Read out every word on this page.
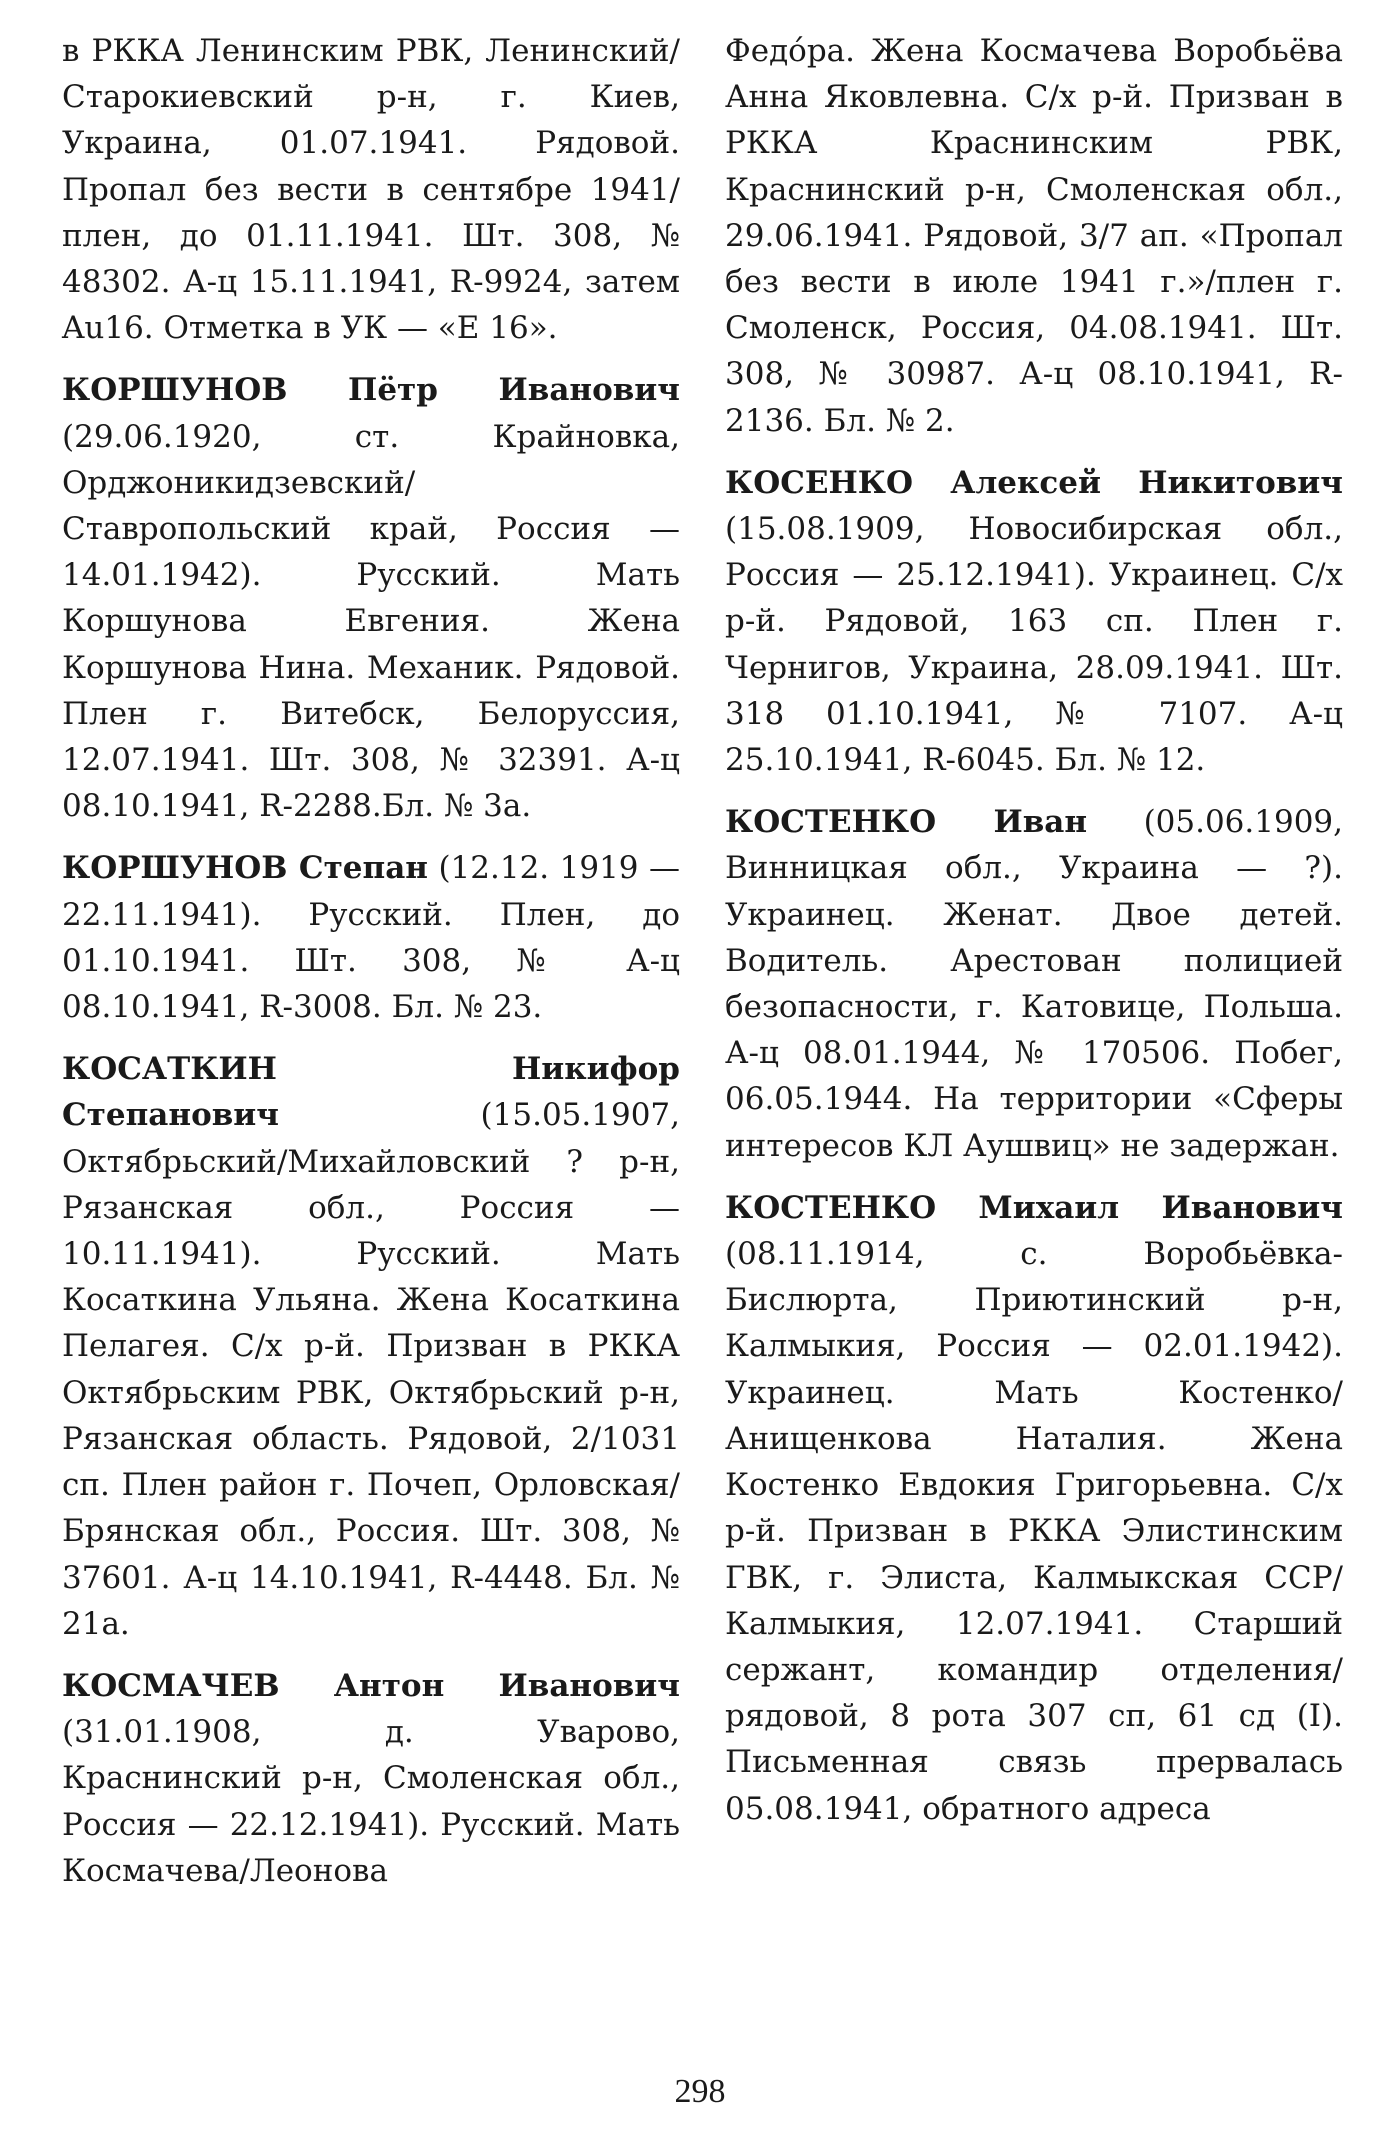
в РККА Ленинским РВК, Ленинский/Старокиевский р-н, г. Киев, Украина, 01.07.1941. Рядовой. Пропал без вести в сентябре 1941/плен, до 01.11.1941. Шт. 308, № 48302. А-ц 15.11.1941, R-9924, затем Au16. Отметка в УК — «Е 16».

КОРШУНОВ Пётр Иванович (29.06.1920, ст. Крайновка, Орджоникидзевский/ Ставропольский край, Россия — 14.01.1942). Русский. Мать Коршунова Евгения. Жена Коршунова Нина. Механик. Рядовой. Плен г. Витебск, Белоруссия, 12.07.1941. Шт. 308, № 32391. А-ц 08.10.1941, R-2288.Бл. № 3а.

КОРШУНОВ Степан (12.12. 1919 — 22.11.1941). Русский. Плен, до 01.10.1941. Шт. 308, № А-ц 08.10.1941, R-3008. Бл. № 23.

КОСАТКИН Никифор Степанович (15.05.1907, Октябрьский/Михайловский ? р-н, Рязанская обл., Россия — 10.11.1941). Русский. Мать Косаткина Ульяна. Жена Косаткина Пелагея. С/х р-й. Призван в РККА Октябрьским РВК, Октябрьский р-н, Рязанская область. Рядовой, 2/1031 сп. Плен район г. Почеп, Орловская/ Брянская обл., Россия. Шт. 308, № 37601. А-ц 14.10.1941, R-4448. Бл. № 21а.

КОСМАЧЕВ Антон Иванович (31.01.1908, д. Уварово, Краснинский р-н, Смоленская обл., Россия — 22.12.1941). Русский. Мать Космачева/Леонова

Федóра. Жена Космачева Воробьёва Анна Яковлевна. С/х р-й. Призван в РККА Краснинским РВК, Краснинский р-н, Смоленская обл., 29.06.1941. Рядовой, 3/7 ап. «Пропал без вести в июле 1941 г.»/плен г. Смоленск, Россия, 04.08.1941. Шт. 308, № 30987. А-ц 08.10.1941, R-2136. Бл. № 2.

КОСЕНКО Алексей Никитович (15.08.1909, Новосибирская обл., Россия — 25.12.1941). Украинец. С/х р-й. Рядовой, 163 сп. Плен г. Чернигов, Украина, 28.09.1941. Шт. 318 01.10.1941, № 7107. А-ц 25.10.1941, R-6045. Бл. № 12.

КОСТЕНКО Иван (05.06.1909, Винницкая обл., Украина — ?). Украинец. Женат. Двое детей. Водитель. Арестован полицией безопасности, г. Катовице, Польша. А-ц 08.01.1944, № 170506. Побег, 06.05.1944. На территории «Сферы интересов КЛ Аушвиц» не задержан.

КОСТЕНКО Михаил Иванович (08.11.1914, с. Воробьёвка-Бислюрта, Приютинский р-н, Калмыкия, Россия — 02.01.1942). Украинец. Мать Костенко/Анищенкова Наталия. Жена Костенко Евдокия Григорьевна. С/х р-й. Призван в РККА Элистинским ГВК, г. Элиста, Калмыкская ССР/Калмыкия, 12.07.1941. Старший сержант, командир отделения/ рядовой, 8 рота 307 сп, 61 сд (I). Письменная связь прервалась 05.08.1941, обратного адреса

298
